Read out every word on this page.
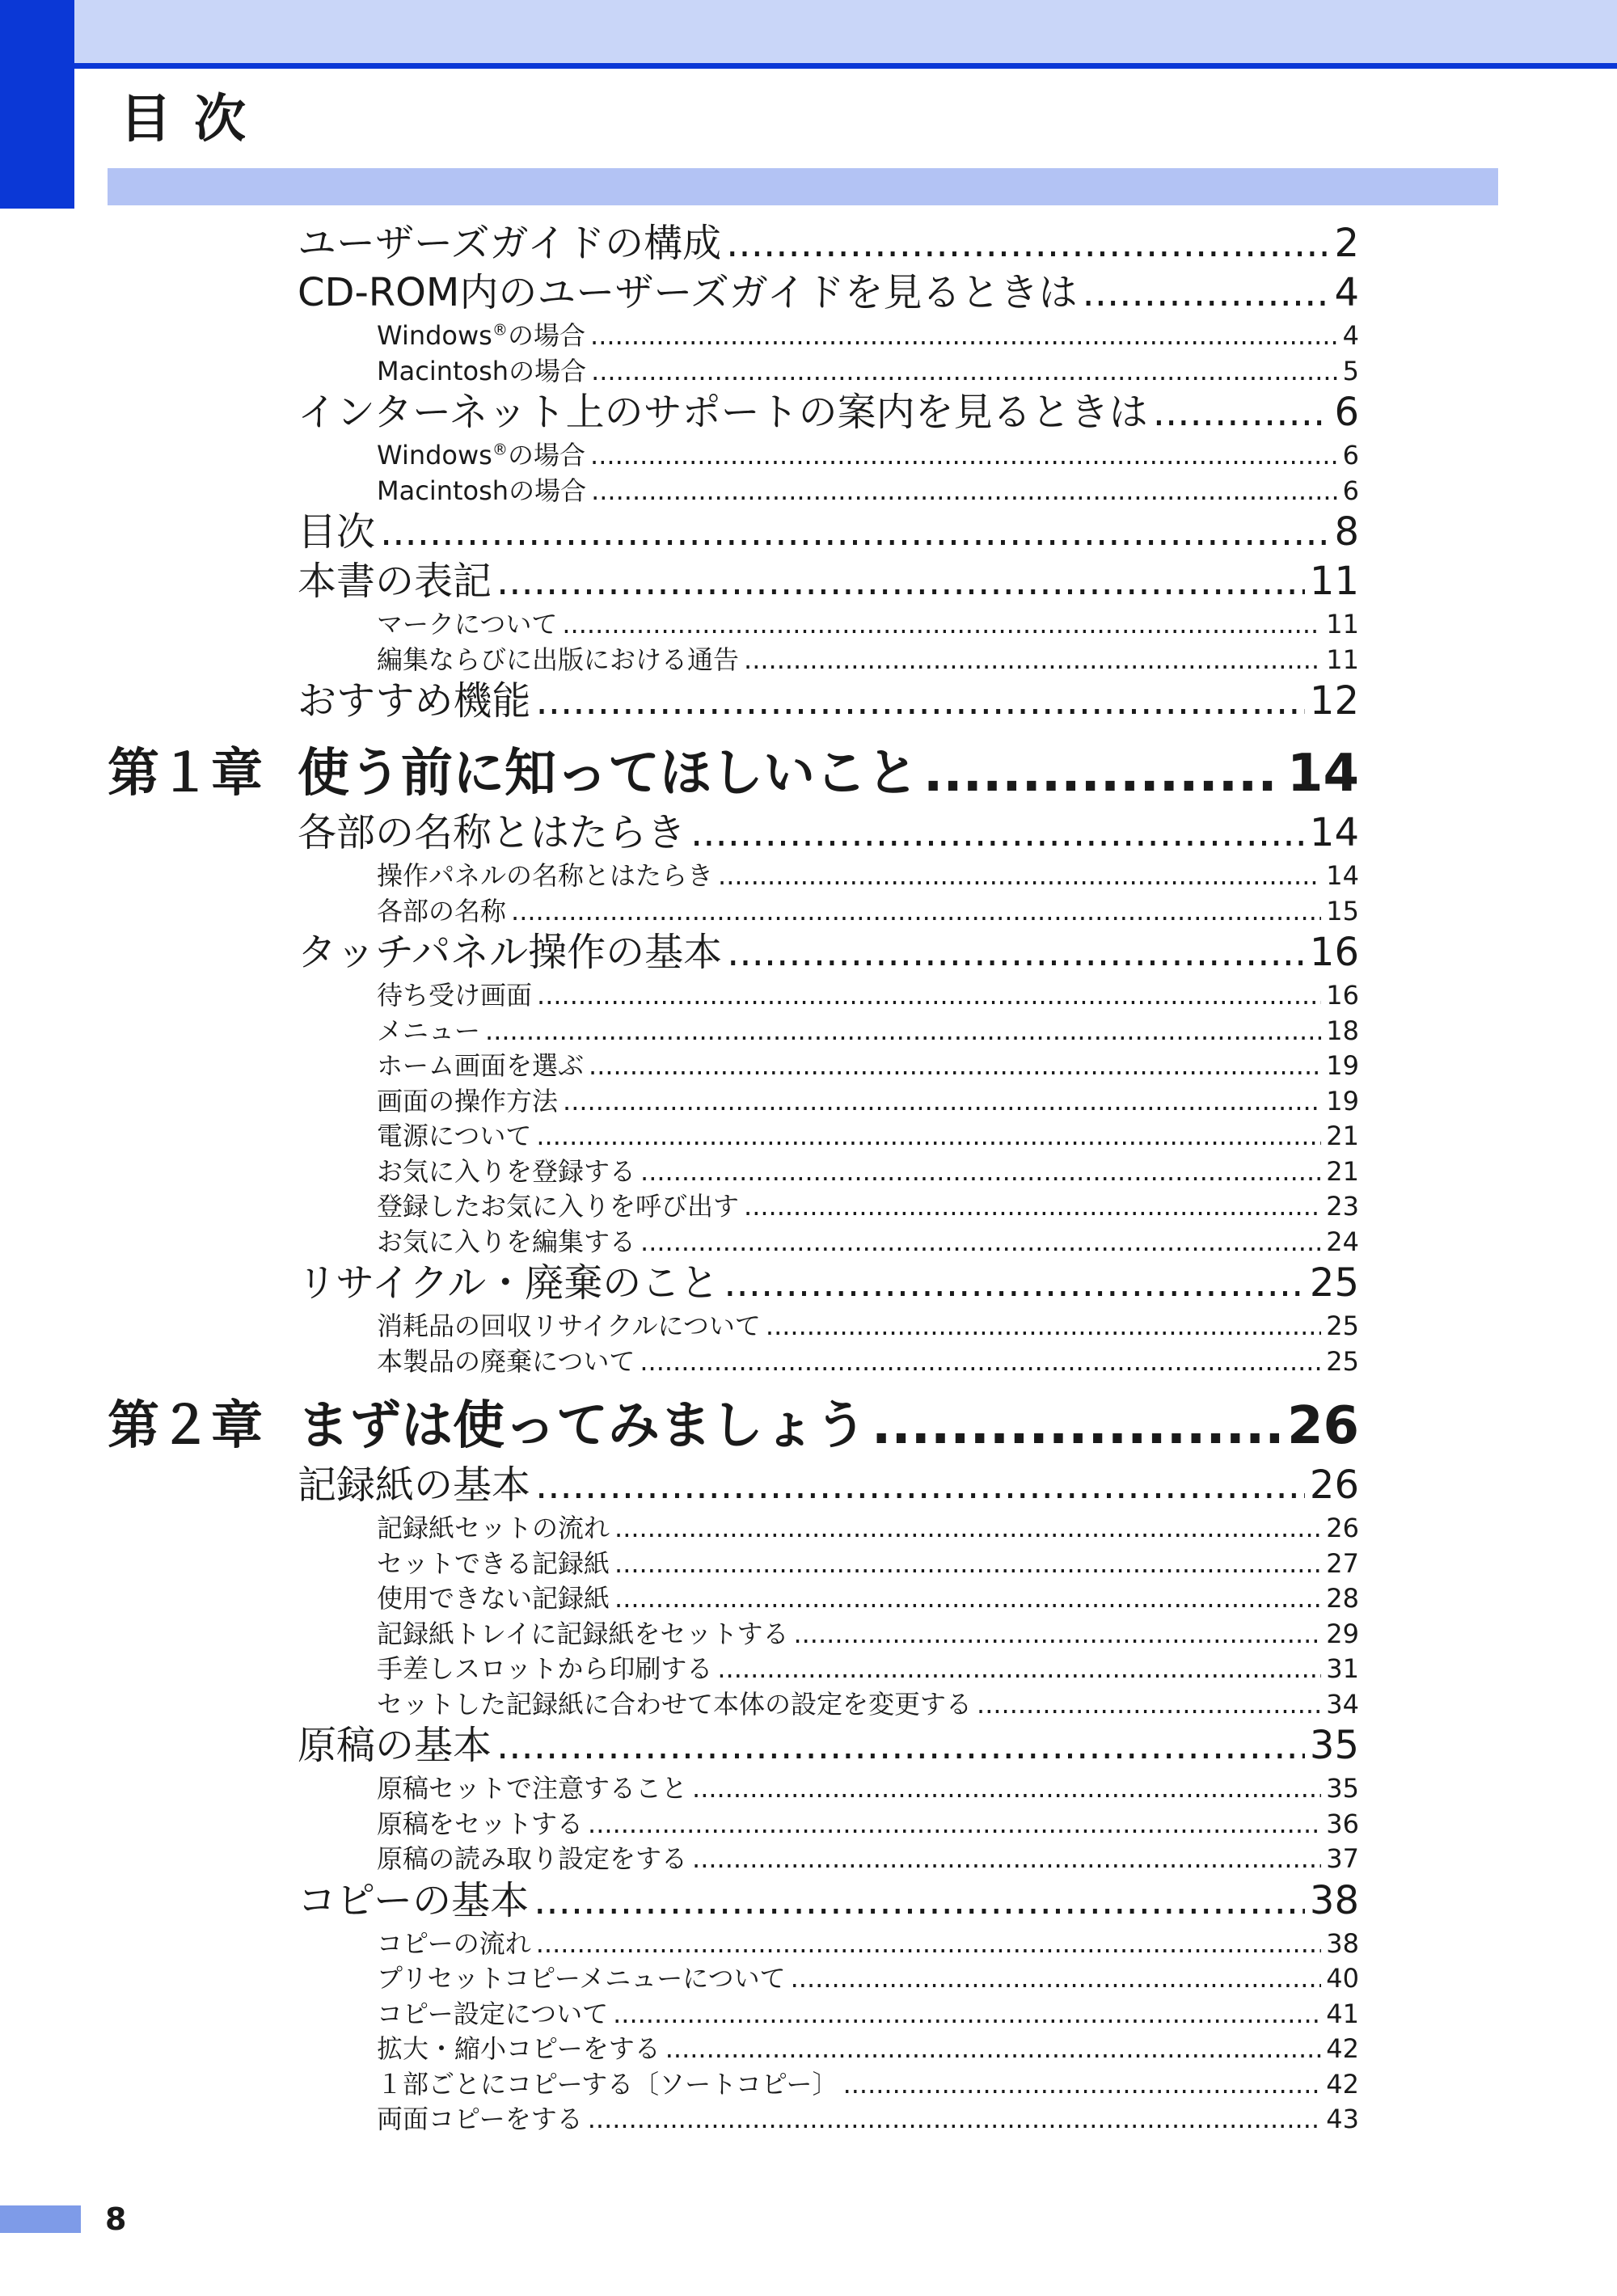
目次
ユーザーズガイドの構成 .....	2
CD-ROM内のユーザーズガイドを見るときは .....	4
Windows®の場合 .....	4
Macintoshの場合 .....	5
インターネット上のサポートの案内を見るときは .....	6
Windows®の場合 .....	6
Macintoshの場合 .....	6
目次 .....	8
本書の表記 .....	11
マークについて .....	11
編集ならびに出版における通告 .....	11
おすすめ機能 .....	12
第１章 使う前に知ってほしいこと .....	14
各部の名称とはたらき .....	14
操作パネルの名称とはたらき .....	14
各部の名称 .....	15
タッチパネル操作の基本 .....	16
待ち受け画面 .....	16
メニュー .....	18
ホーム画面を選ぶ .....	19
画面の操作方法 .....	19
電源について .....	21
お気に入りを登録する .....	21
登録したお気に入りを呼び出す .....	23
お気に入りを編集する .....	24
リサイクル・廃棄のこと .....	25
消耗品の回収リサイクルについて .....	25
本製品の廃棄について .....	25
第２章 まずは使ってみましょう .....	26
記録紙の基本 .....	26
記録紙セットの流れ .....	26
セットできる記録紙 .....	27
使用できない記録紙 .....	28
記録紙トレイに記録紙をセットする .....	29
手差しスロットから印刷する .....	31
セットした記録紙に合わせて本体の設定を変更する .....	34
原稿の基本 .....	35
原稿セットで注意すること .....	35
原稿をセットする .....	36
原稿の読み取り設定をする .....	37
コピーの基本 .....	38
コピーの流れ .....	38
プリセットコピーメニューについて .....	40
コピー設定について .....	41
拡大・縮小コピーをする .....	42
１部ごとにコピーする〔ソートコピー〕 .....	42
両面コピーをする .....	43
8
